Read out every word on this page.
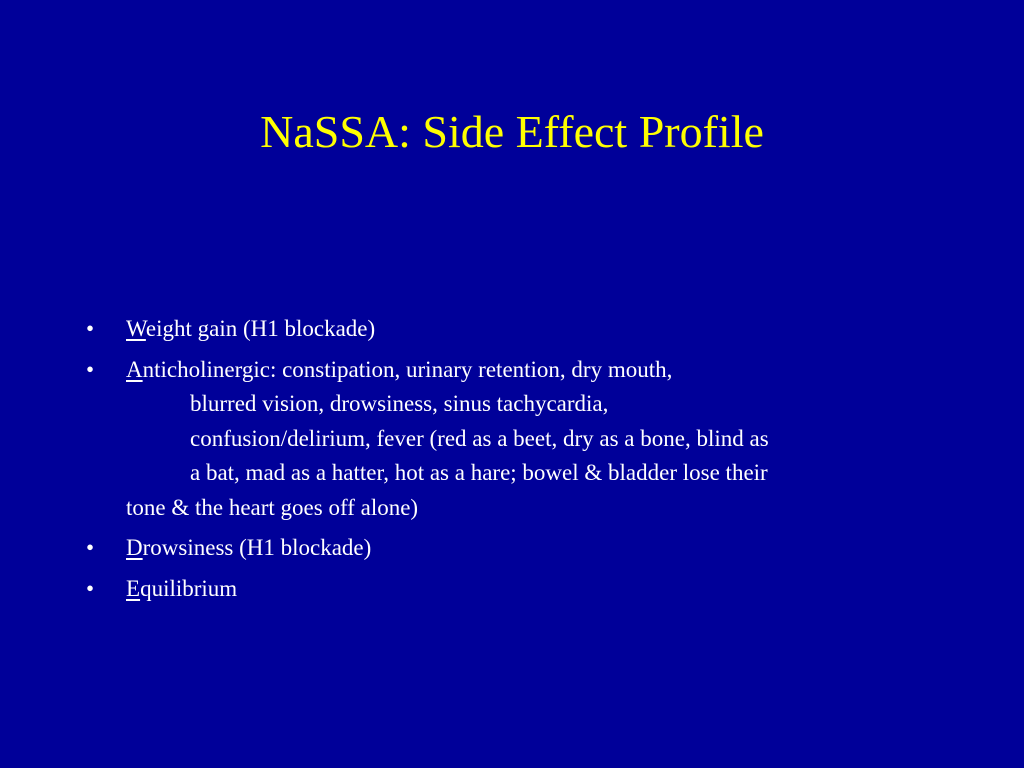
NaSSA: Side Effect Profile
• Weight gain (H1 blockade)
• Anticholinergic: constipation, urinary retention, dry mouth,
blurred vision, drowsiness, sinus tachycardia,
confusion/delirium, fever (red as a beet, dry as a bone, blind as
a bat, mad as a hatter, hot as a hare; bowel & bladder lose their
tone & the heart goes off alone)
• Drowsiness (H1 blockade)
• Equilibrium
